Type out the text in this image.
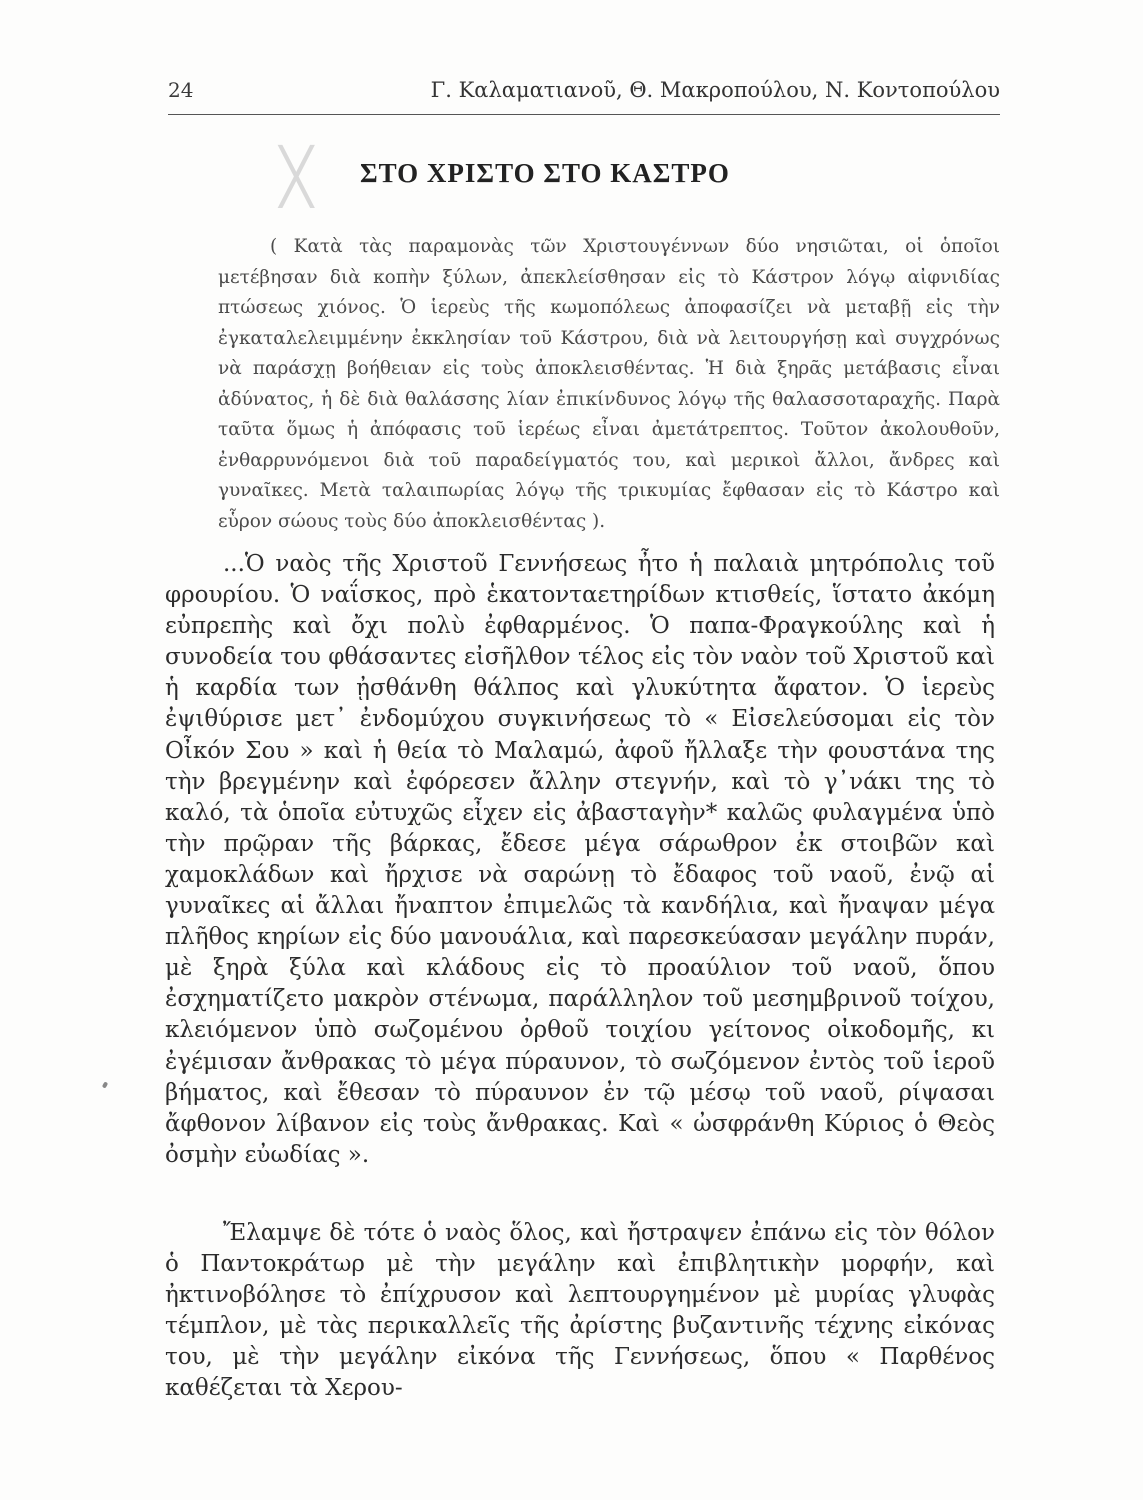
24	Γ. Καλαματιανοῦ, Θ. Μακροπούλου, Ν. Κοντοπούλου
╳ ΣΤΟ ΧΡΙΣΤΟ ΣΤΟ ΚΑΣΤΡΟ
( Κατὰ τὰς παραμονὰς τῶν Χριστουγέννων δύο νησιῶται, οἱ ὁποῖοι μετέβησαν διὰ κοπὴν ξύλων, ἀπεκλείσθησαν εἰς τὸ Κάστρον λόγῳ αἰφνιδίας πτώσεως χιόνος. Ὁ ἱερεὺς τῆς κωμοπόλεως ἀποφασίζει νὰ μεταβῇ εἰς τὴν ἐγκαταλελειμμένην ἐκκλησίαν τοῦ Κάστρου, διὰ νὰ λειτουργήσῃ καὶ συγχρόνως νὰ παράσχῃ βοήθειαν εἰς τοὺς ἀποκλεισθέντας. Ἡ διὰ ξηρᾶς μετάβασις εἶναι ἀδύνατος, ἡ δὲ διὰ θαλάσσης λίαν ἐπικίνδυνος λόγῳ τῆς θαλασσοταραχῆς. Παρὰ ταῦτα ὅμως ἡ ἀπόφασις τοῦ ἱερέως εἶναι ἀμετάτρεπτος. Τοῦτον ἀκολουθοῦν, ἐνθαρρυνόμενοι διὰ τοῦ παραδείγματός του, καὶ μερικοὶ ἄλλοι, ἄνδρες καὶ γυναῖκες. Μετὰ ταλαιπωρίας λόγῳ τῆς τρικυμίας ἔφθασαν εἰς τὸ Κάστρο καὶ εὗρον σώους τοὺς δύο ἀποκλεισθέντας ).

...Ὁ ναὸς τῆς Χριστοῦ Γεννήσεως ἦτο ἡ παλαιὰ μητρόπολις τοῦ φρουρίου. Ὁ ναΐσκος, πρὸ ἑκατονταετηρίδων κτισθείς, ἵστατο ἀκόμη εὐπρεπὴς καὶ ὄχι πολὺ ἐφθαρμένος. Ὁ παπα-Φραγκούλης καὶ ἡ συνοδεία του φθάσαντες εἰσῆλθον τέλος εἰς τὸν ναὸν τοῦ Χριστοῦ καὶ ἡ καρδία των ᾐσθάνθη θάλπος καὶ γλυκύτητα ἄφατον. Ὁ ἱερεὺς ἐψιθύρισε μετ᾽ ἐνδομύχου συγκινήσεως τὸ « Εἰσελεύσομαι εἰς τὸν Οἶκόν Σου » καὶ ἡ θεία τὸ Μαλαμώ, ἀφοῦ ἤλλαξε τὴν φουστάνα της τὴν βρεγμένην καὶ ἐφόρεσεν ἄλλην στεγνήν, καὶ τὸ γ᾽νάκι της τὸ καλό, τὰ ὁποῖα εὐτυχῶς εἶχεν εἰς ἀβασταγὴν* καλῶς φυλαγμένα ὑπὸ τὴν πρῷραν τῆς βάρκας, ἔδεσε μέγα σάρωθρον ἐκ στοιβῶν καὶ χαμοκλάδων καὶ ἤρχισε νὰ σαρώνῃ τὸ ἔδαφος τοῦ ναοῦ, ἐνῷ αἱ γυναῖκες αἱ ἄλλαι ἤναπτον ἐπιμελῶς τὰ κανδήλια, καὶ ἤναψαν μέγα πλῆθος κηρίων εἰς δύο μανουάλια, καὶ παρεσκεύασαν μεγάλην πυράν, μὲ ξηρὰ ξύλα καὶ κλάδους εἰς τὸ προαύλιον τοῦ ναοῦ, ὅπου ἐσχηματίζετο μακρὸν στένωμα, παράλληλον τοῦ μεσημβρινοῦ τοίχου, κλειόμενον ὑπὸ σωζομένου ὀρθοῦ τοιχίου γείτονος οἰκοδομῆς, κι ἐγέμισαν ἄνθρακας τὸ μέγα πύραυνον, τὸ σωζόμενον ἐντὸς τοῦ ἱεροῦ βήματος, καὶ ἔθεσαν τὸ πύραυνον ἐν τῷ μέσῳ τοῦ ναοῦ, ρίψασαι ἄφθονον λίβανον εἰς τοὺς ἄνθρακας. Καὶ « ὠσφράνθη Κύριος ὁ Θεὸς ὀσμὴν εὐωδίας ».

Ἔλαμψε δὲ τότε ὁ ναὸς ὅλος, καὶ ἤστραψεν ἐπάνω εἰς τὸν θόλον ὁ Παντοκράτωρ μὲ τὴν μεγάλην καὶ ἐπιβλητικὴν μορφήν, καὶ ἠκτινοβόλησε τὸ ἐπίχρυσον καὶ λεπτουργημένον μὲ μυρίας γλυφὰς τέμπλον, μὲ τὰς περικαλλεῖς τῆς ἀρίστης βυζαντινῆς τέχνης εἰκόνας του, μὲ τὴν μεγάλην εἰκόνα τῆς Γεννήσεως, ὅπου « Παρθένος καθέζεται τὰ Χερου-
